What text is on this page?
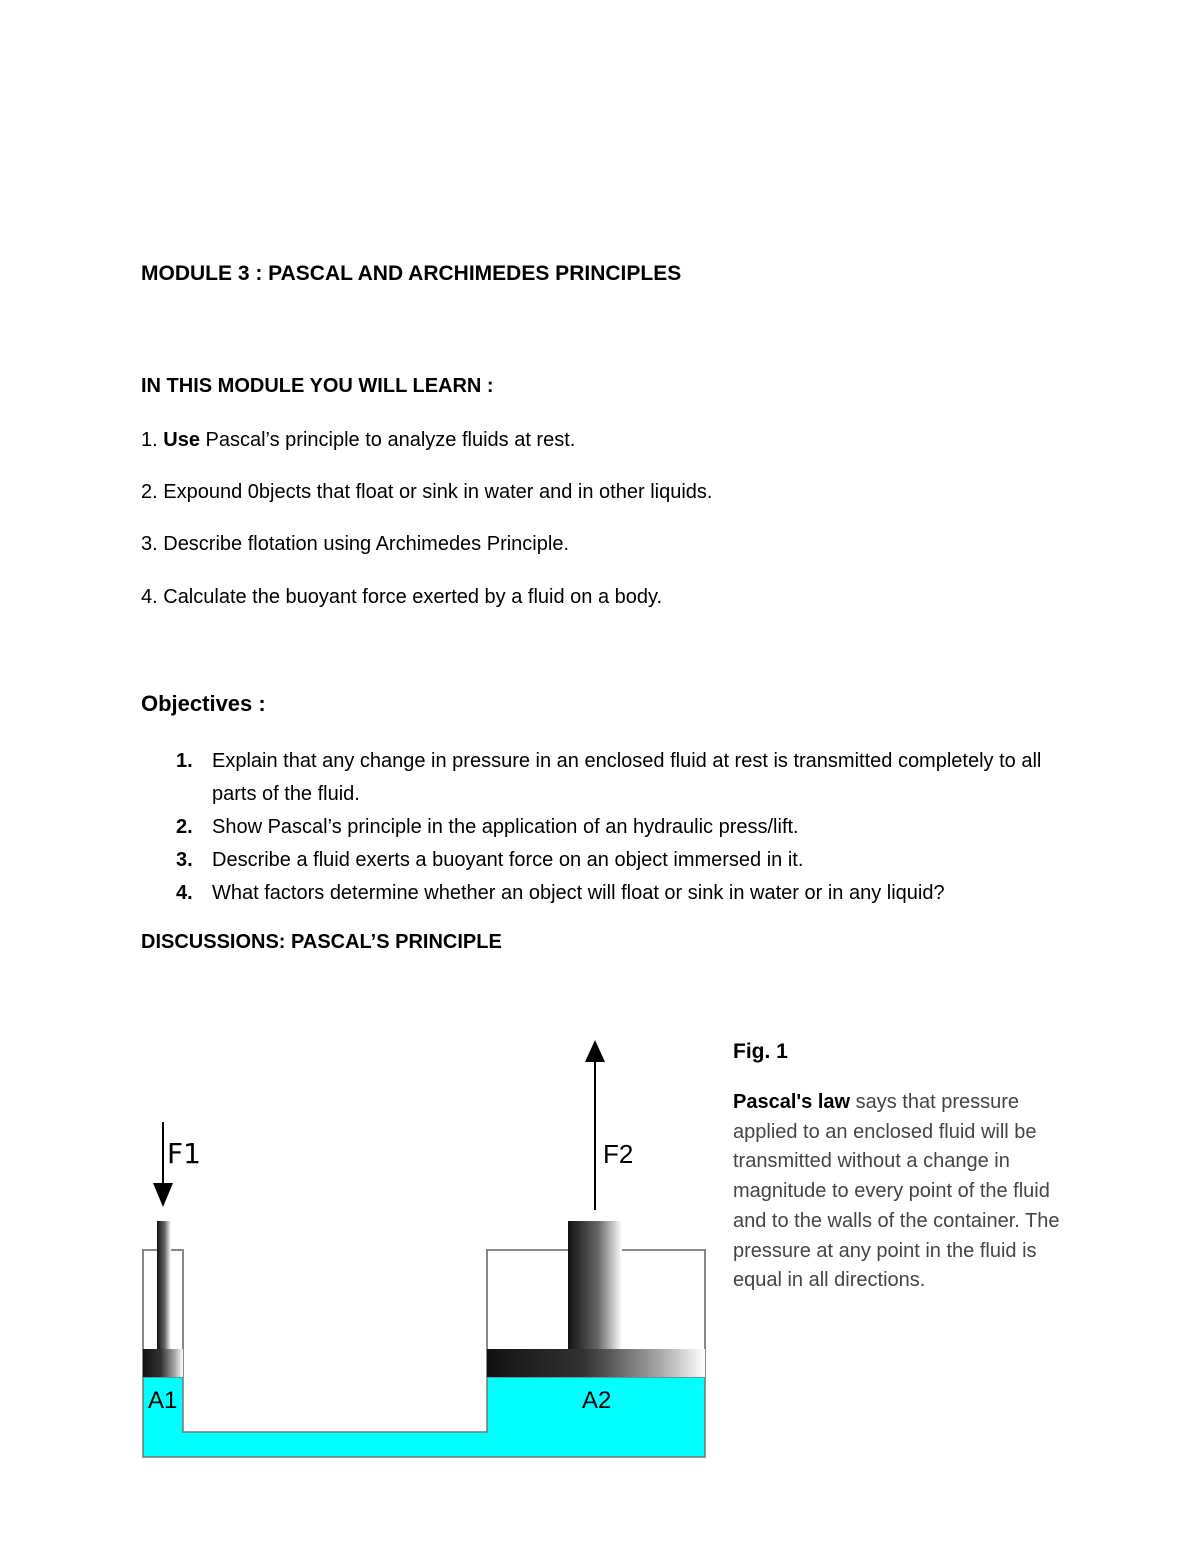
MODULE 3 : PASCAL AND ARCHIMEDES PRINCIPLES
IN THIS MODULE YOU WILL LEARN :
1. Use Pascal’s principle to analyze fluids at rest.
2. Expound 0bjects that float or sink in water and in other liquids.
3. Describe flotation using Archimedes Principle.
4. Calculate the buoyant force exerted by a fluid on a body.
Objectives :
1. Explain that any change in pressure in an enclosed fluid at rest is transmitted completely to all parts of the fluid.
2. Show Pascal’s principle in the application of an hydraulic press/lift.
3. Describe a fluid exerts a buoyant force on an object immersed in it.
4. What factors determine whether an object will float or sink in water or in any liquid?
DISCUSSIONS: PASCAL’S PRINCIPLE
F1	F2
A1	A2

Fig. 1

Pascal's law says that pressure applied to an enclosed fluid will be transmitted without a change in magnitude to every point of the fluid and to the walls of the container. The pressure at any point in the fluid is equal in all directions.
